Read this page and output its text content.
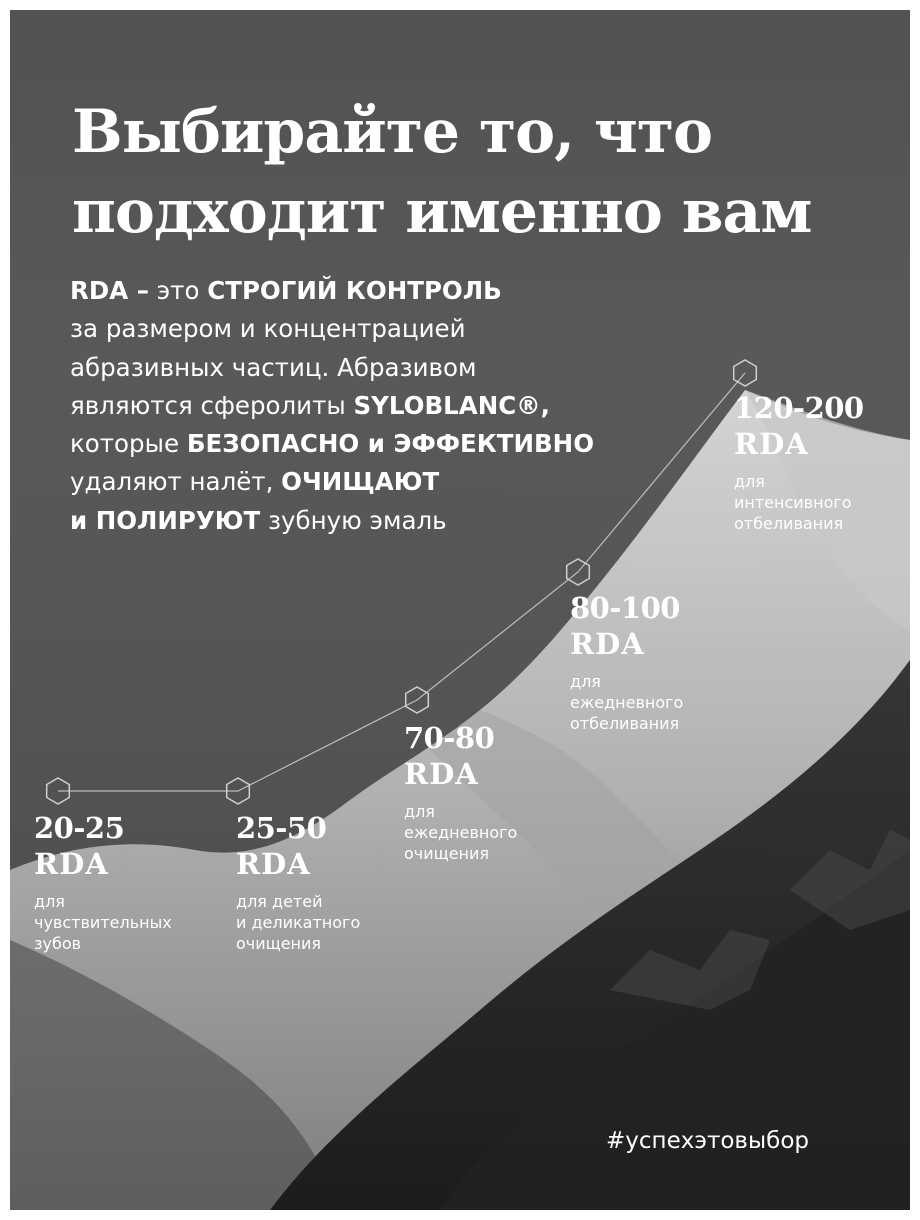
Выбирайте то, что
подходит именно вам

RDA – это СТРОГИЙ КОНТРОЛЬ
за размером и концентрацией
абразивных частиц. Абразивом
являются сферолиты SYLOBLANC®,
которые БЕЗОПАСНО и ЭФФЕКТИВНО
удаляют налёт, ОЧИЩАЮТ
и ПОЛИРУЮТ зубную эмаль

20-25
RDA
для
чувствительных
зубов
25-50
RDA
для детей
и деликатного
очищения
70-80
RDA
для
ежедневного
очищения
80-100
RDA
для
ежедневного
отбеливания
120-200
RDA
для
интенсивного
отбеливания
#успехэтовыбор
